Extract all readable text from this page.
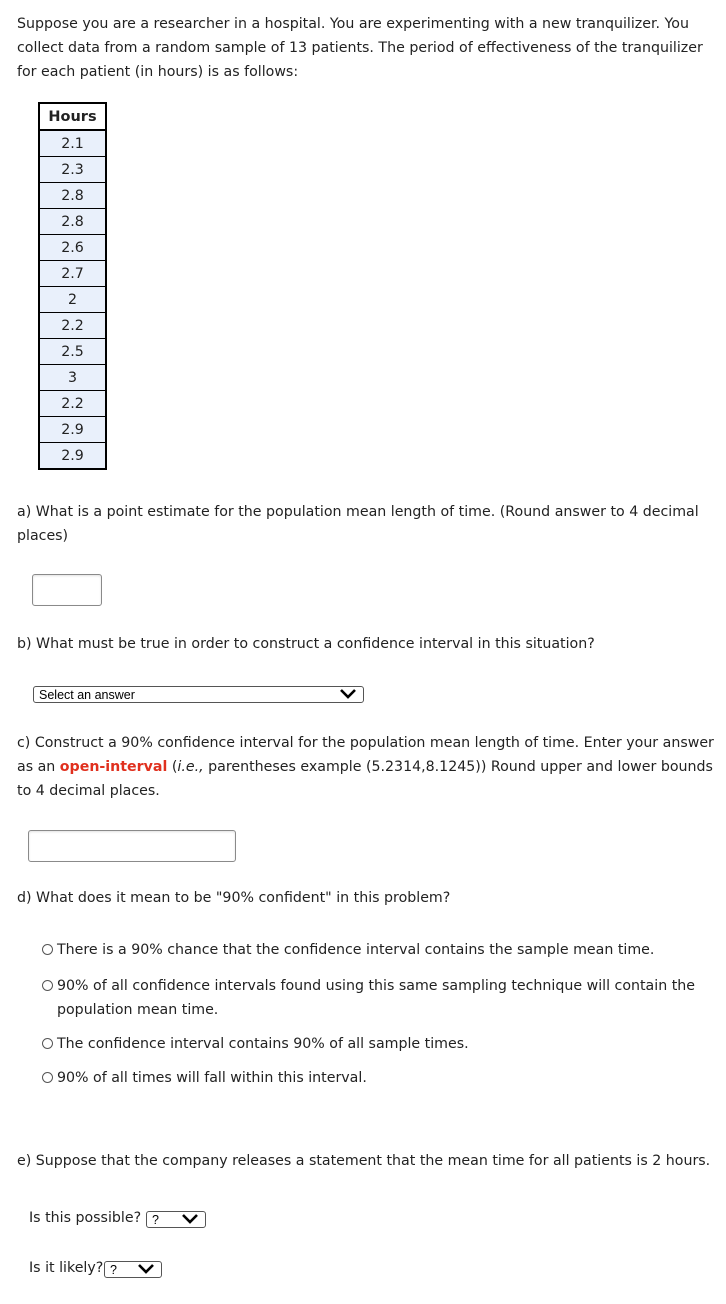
Suppose you are a researcher in a hospital. You are experimenting with a new tranquilizer. You collect data from a random sample of 13 patients. The period of effectiveness of the tranquilizer for each patient (in hours) is as follows:

Hours
2.1
2.3
2.8
2.8
2.6
2.7
2
2.2
2.5
3
2.2
2.9
2.9

a) What is a point estimate for the population mean length of time. (Round answer to 4 decimal places)

b) What must be true in order to construct a confidence interval in this situation?

Select an answer

c) Construct a 90% confidence interval for the population mean length of time. Enter your answer as an open-interval (i.e., parentheses example (5.2314,8.1245)) Round upper and lower bounds to 4 decimal places.

d) What does it mean to be "90% confident" in this problem?

There is a 90% chance that the confidence interval contains the sample mean time.
90% of all confidence intervals found using this same sampling technique will contain the population mean time.
The confidence interval contains 90% of all sample times.
90% of all times will fall within this interval.

e) Suppose that the company releases a statement that the mean time for all patients is 2 hours.

Is this possible? ?
Is it likely? ?
